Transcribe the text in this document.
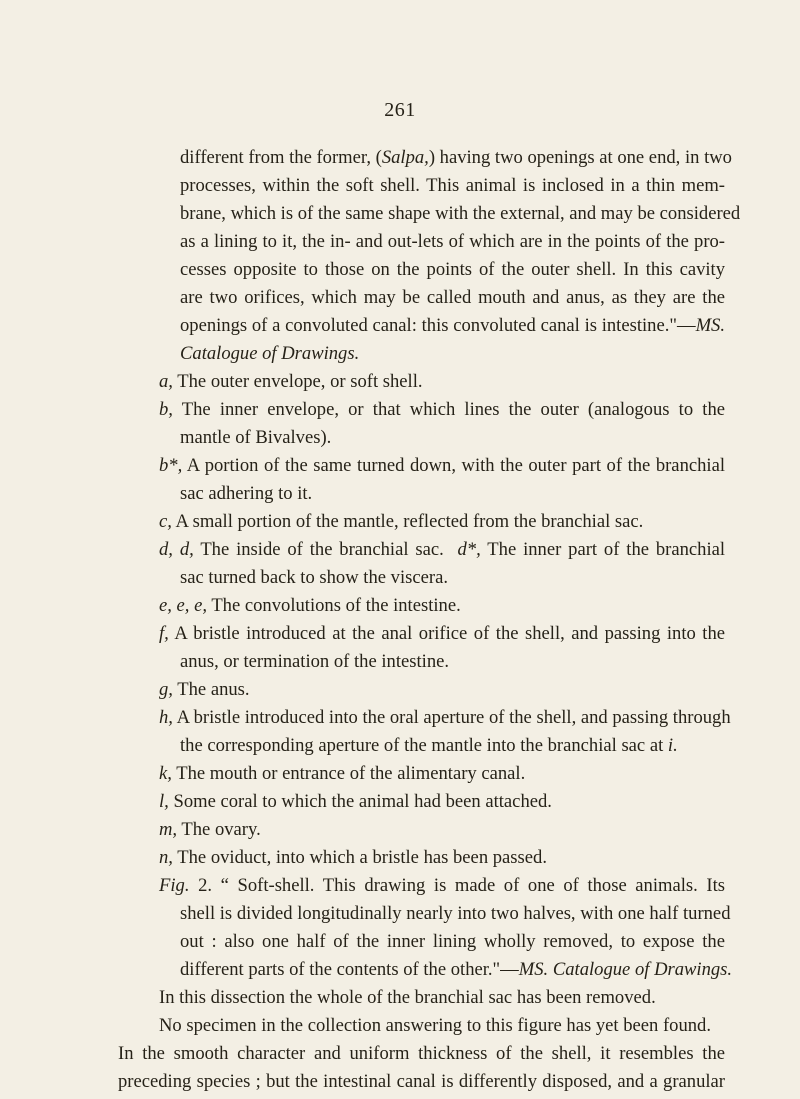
261
different from the former, (Salpa,) having two openings at one end, in two
processes, within the soft shell. This animal is inclosed in a thin mem-
brane, which is of the same shape with the external, and may be considered
as a lining to it, the in- and out-lets of which are in the points of the pro-
cesses opposite to those on the points of the outer shell. In this cavity
are two orifices, which may be called mouth and anus, as they are the
openings of a convoluted canal: this convoluted canal is intestine."—MS.
Catalogue of Drawings.
a, The outer envelope, or soft shell.
b, The inner envelope, or that which lines the outer (analogous to the
mantle of Bivalves).
b*, A portion of the same turned down, with the outer part of the branchial
sac adhering to it.
c, A small portion of the mantle, reflected from the branchial sac.
d, d, The inside of the branchial sac. d*, The inner part of the branchial
sac turned back to show the viscera.
e, e, e, The convolutions of the intestine.
f, A bristle introduced at the anal orifice of the shell, and passing into the
anus, or termination of the intestine.
g, The anus.
h, A bristle introduced into the oral aperture of the shell, and passing through
the corresponding aperture of the mantle into the branchial sac at i.
k, The mouth or entrance of the alimentary canal.
l, Some coral to which the animal had been attached.
m, The ovary.
n, The oviduct, into which a bristle has been passed.
Fig. 2. “ Soft-shell. This drawing is made of one of those animals. Its
shell is divided longitudinally nearly into two halves, with one half turned
out : also one half of the inner lining wholly removed, to expose the
different parts of the contents of the other."—MS. Catalogue of Drawings.
In this dissection the whole of the branchial sac has been removed.
No specimen in the collection answering to this figure has yet been found.
In the smooth character and uniform thickness of the shell, it resembles the
preceding species ; but the intestinal canal is differently disposed, and a granular
